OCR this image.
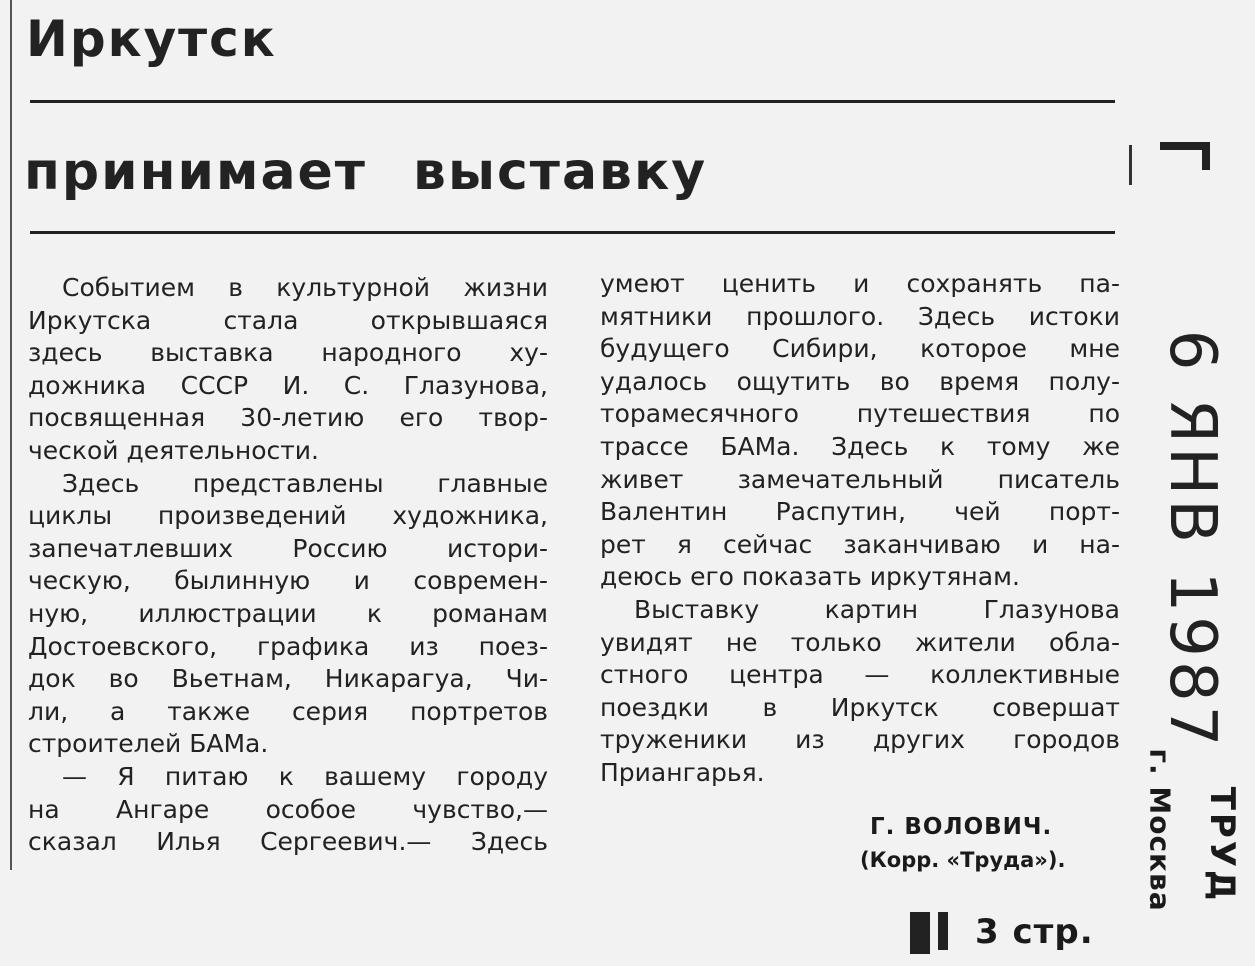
Иркутск
принимает выставку
Событием в культурной жизни
Иркутска стала открывшаяся
здесь выставка народного ху-
дожника СССР И. С. Глазунова,
посвященная 30-летию его твор-
ческой деятельности.
Здесь представлены главные
циклы произведений художника,
запечатлевших Россию истори-
ческую, былинную и современ-
ную, иллюстрации к романам
Достоевского, графика из поез-
док во Вьетнам, Никарагуа, Чи-
ли, а также серия портретов
строителей БАМа.
— Я питаю к вашему городу
на Ангаре особое чувство,—
сказал Илья Сергеевич.— Здесь
умеют ценить и сохранять па-
мятники прошлого. Здесь истоки
будущего Сибири, которое мне
удалось ощутить во время полу-
торамесячного путешествия по
трассе БАМа. Здесь к тому же
живет замечательный писатель
Валентин Распутин, чей порт-
рет я сейчас заканчиваю и на-
деюсь его показать иркутянам.
Выставку картин Глазунова
увидят не только жители обла-
стного центра — коллективные
поездки в Иркутск совершат
труженики из других городов
Приангарья.
Г. ВОЛОВИЧ.
(Корр. «Труда»).
3 стр.
6 ЯНВ 1987
ТРУД
г. Москва
